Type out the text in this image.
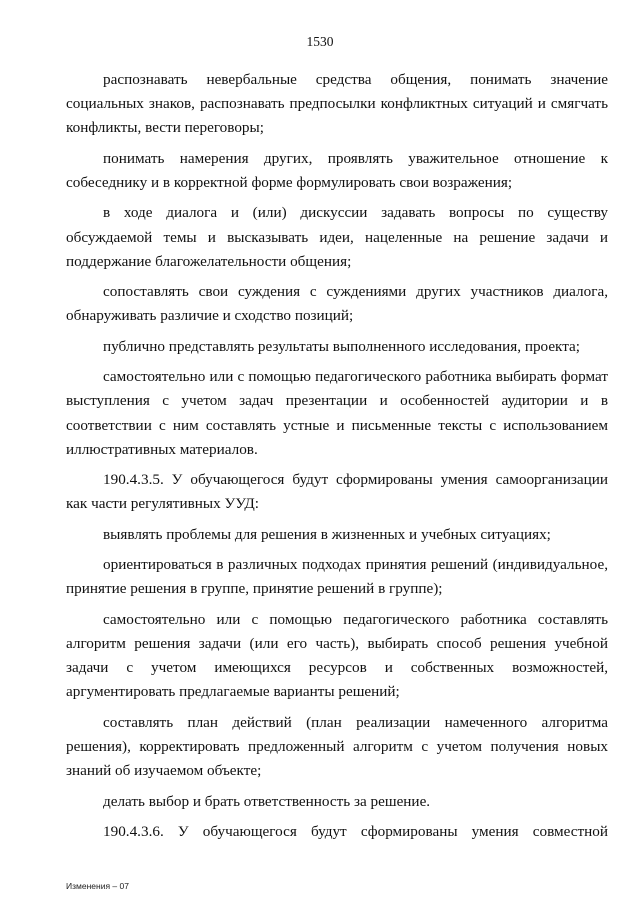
1530

распознавать невербальные средства общения, понимать значение социальных знаков, распознавать предпосылки конфликтных ситуаций и смягчать конфликты, вести переговоры;

понимать намерения других, проявлять уважительное отношение к собеседнику и в корректной форме формулировать свои возражения;

в ходе диалога и (или) дискуссии задавать вопросы по существу обсуждаемой темы и высказывать идеи, нацеленные на решение задачи и поддержание благожелательности общения;

сопоставлять свои суждения с суждениями других участников диалога, обнаруживать различие и сходство позиций;

публично представлять результаты выполненного исследования, проекта;

самостоятельно или с помощью педагогического работника выбирать формат выступления с учетом задач презентации и особенностей аудитории и в соответствии с ним составлять устные и письменные тексты с использованием иллюстративных материалов.

190.4.3.5. У обучающегося будут сформированы умения самоорганизации как части регулятивных УУД:

выявлять проблемы для решения в жизненных и учебных ситуациях;

ориентироваться в различных подходах принятия решений (индивидуальное, принятие решения в группе, принятие решений в группе);

самостоятельно или с помощью педагогического работника составлять алгоритм решения задачи (или его часть), выбирать способ решения учебной задачи с учетом имеющихся ресурсов и собственных возможностей, аргументировать предлагаемые варианты решений;

составлять план действий (план реализации намеченного алгоритма решения), корректировать предложенный алгоритм с учетом получения новых знаний об изучаемом объекте;

делать выбор и брать ответственность за решение.

190.4.3.6. У обучающегося будут сформированы умения совместной

Изменения – 07
